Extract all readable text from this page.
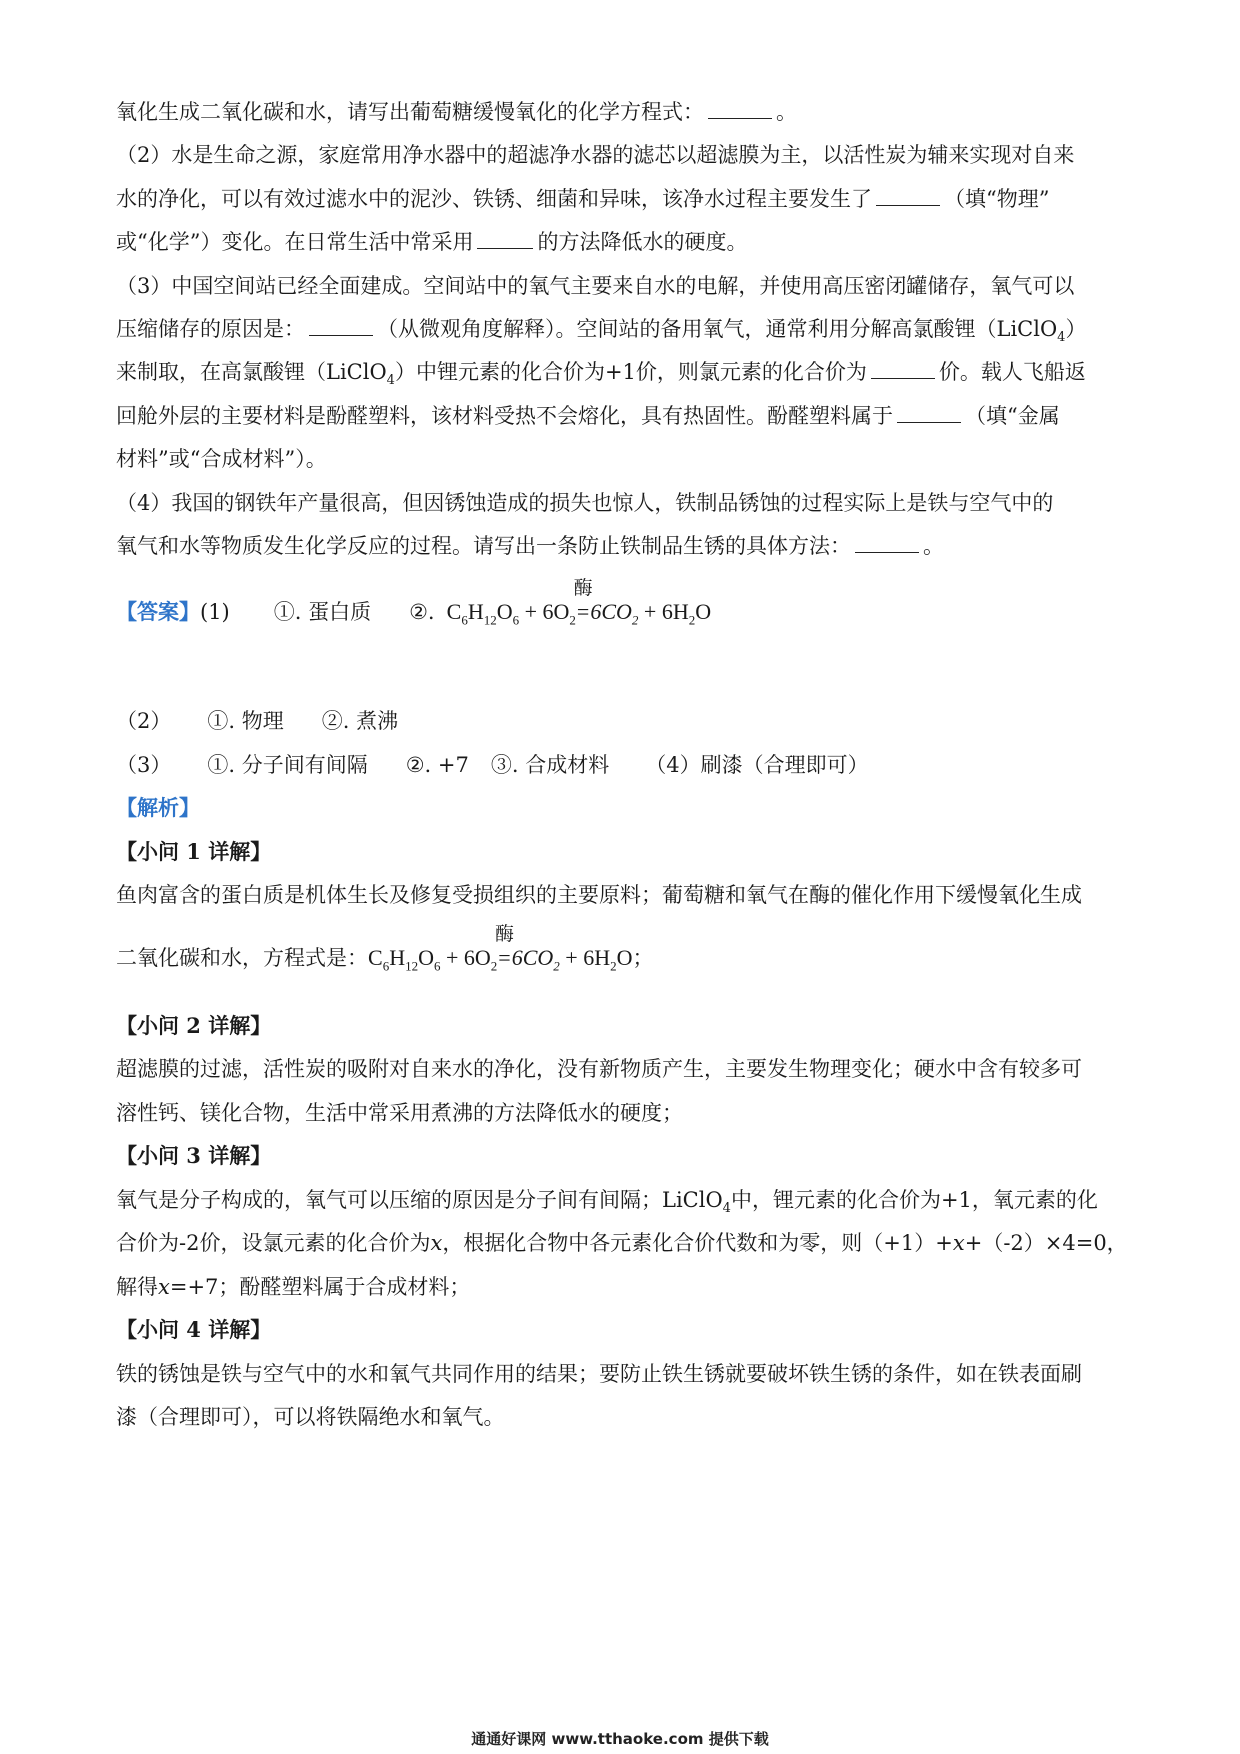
氧化生成二氧化碳和水，请写出葡萄糖缓慢氧化的化学方程式：	。
（2）水是生命之源，家庭常用净水器中的超滤净水器的滤芯以超滤膜为主，以活性炭为辅来实现对自来
水的净化，可以有效过滤水中的泥沙、铁锈、细菌和异味，该净水过程主要发生了	（填“物理”
或“化学”）变化。在日常生活中常采用	的方法降低水的硬度。
（3）中国空间站已经全面建成。空间站中的氧气主要来自水的电解，并使用高压密闭罐储存，氧气可以
压缩储存的原因是：	（从微观角度解释）。空间站的备用氧气，通常利用分解高氯酸锂（LiClO$_4$）
来制取，在高氯酸锂（LiClO$_4$）中锂元素的化合价为+1价，则氯元素的化合价为	价。载人飞船返
回舱外层的主要材料是酚醛塑料，该材料受热不会熔化，具有热固性。酚醛塑料属于	（填“金属
材料”或“合成材料”）。
（4）我国的钢铁年产量很高，但因锈蚀造成的损失也惊人，铁制品锈蚀的过程实际上是铁与空气中的
氧气和水等物质发生化学反应的过程。请写出一条防止铁制品生锈的具体方法：	。
【答案】(1) ①. 蛋白质 ②. $C_6H_{12}O_6 + 6O_2$
酶
$=6CO_2 + 6H_2O$
（2） ①. 物理 ②. 煮沸
（3） ①. 分子间有间隔 ②. +7 ③. 合成材料 （4）刷漆（合理即可）
【解析】
【小问 1 详解】
鱼肉富含的蛋白质是机体生长及修复受损组织的主要原料；葡萄糖和氧气在酶的催化作用下缓慢氧化生成
二氧化碳和水，方程式是：$C_6H_{12}O_6 + 6O_2$
酶
$=6CO_2 + 6H_2O$；
【小问 2 详解】
超滤膜的过滤，活性炭的吸附对自来水的净化，没有新物质产生，主要发生物理变化；硬水中含有较多可
溶性钙、镁化合物，生活中常采用煮沸的方法降低水的硬度；
【小问 3 详解】
氧气是分子构成的，氧气可以压缩的原因是分子间有间隔；LiClO$_4$中，锂元素的化合价为+1，氧元素的化
合价为-2价，设氯元素的化合价为x，根据化合物中各元素化合价代数和为零，则（+1）+x+（-2）×4=0，
解得x=+7；酚醛塑料属于合成材料；
【小问 4 详解】
铁的锈蚀是铁与空气中的水和氧气共同作用的结果；要防止铁生锈就要破坏铁生锈的条件，如在铁表面刷
漆（合理即可），可以将铁隔绝水和氧气。
通通好课网 www.tthaoke.com 提供下载
